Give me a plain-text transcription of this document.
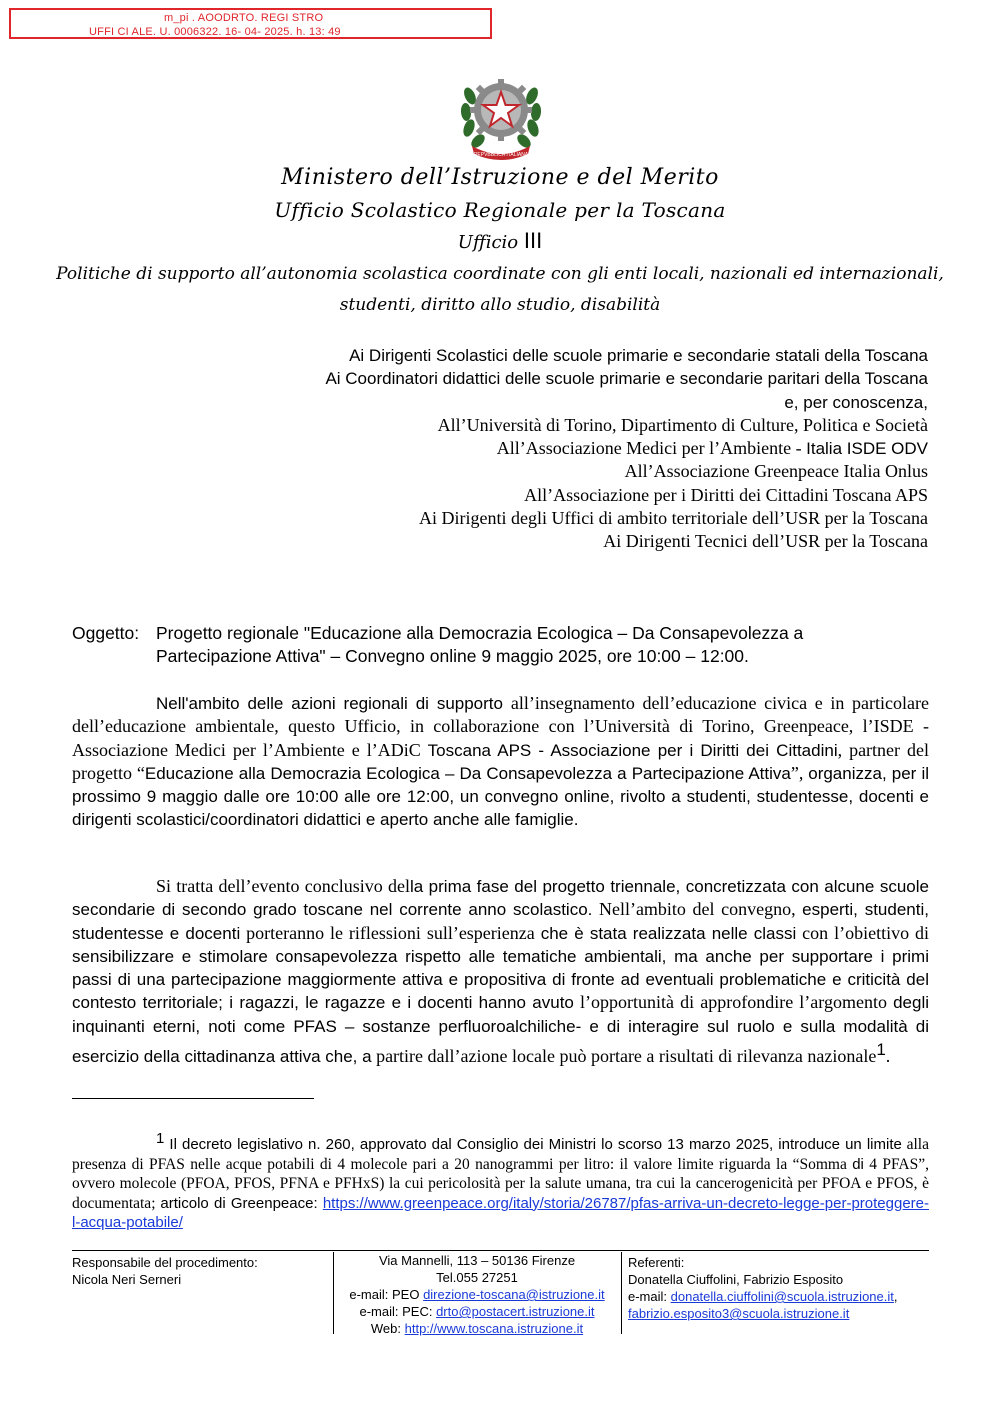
m_pi . AOODRTO. REGI STRO
UFFI CI ALE. U. 0006322. 16- 04- 2025. h. 13: 49
REPVBBLICA ITALIANA
Ministero dell’Istruzione e del Merito
Ufficio Scolastico Regionale per la Toscana
Ufficio III
Politiche di supporto all’autonomia scolastica coordinate con gli enti locali, nazionali ed internazionali,
studenti, diritto allo studio, disabilità
Ai Dirigenti Scolastici delle scuole primarie e secondarie statali della Toscana
Ai Coordinatori didattici delle scuole primarie e secondarie paritari della Toscana
e, per conoscenza,
All’Università di Torino, Dipartimento di Culture, Politica e Società
All’Associazione Medici per l’Ambiente - Italia ISDE ODV
All’Associazione Greenpeace Italia Onlus
All’Associazione per i Diritti dei Cittadini Toscana APS
Ai Dirigenti degli Uffici di ambito territoriale dell’USR per la Toscana
Ai Dirigenti Tecnici dell’USR per la Toscana
Oggetto: Progetto regionale "Educazione alla Democrazia Ecologica – Da Consapevolezza a
Partecipazione Attiva" – Convegno online 9 maggio 2025, ore 10:00 – 12:00.
Nell'ambito delle azioni regionali di supporto all’insegnamento dell’educazione civica e in particolare dell’educazione ambientale, questo Ufficio, in collaborazione con l’Università di Torino, Greenpeace, l’ISDE - Associazione Medici per l’Ambiente e l’ADiC Toscana APS - Associazione per i Diritti dei Cittadini, partner del progetto “Educazione alla Democrazia Ecologica – Da Consapevolezza a Partecipazione Attiva”, organizza, per il prossimo 9 maggio dalle ore 10:00 alle ore 12:00, un convegno online, rivolto a studenti, studentesse, docenti e dirigenti scolastici/coordinatori didattici e aperto anche alle famiglie.
Si tratta dell’evento conclusivo della prima fase del progetto triennale, concretizzata con alcune scuole secondarie di secondo grado toscane nel corrente anno scolastico. Nell’ambito del convegno, esperti, studenti, studentesse e docenti porteranno le riflessioni sull’esperienza che è stata realizzata nelle classi con l’obiettivo di sensibilizzare e stimolare consapevolezza rispetto alle tematiche ambientali, ma anche per supportare i primi passi di una partecipazione maggiormente attiva e propositiva di fronte ad eventuali problematiche e criticità del contesto territoriale; i ragazzi, le ragazze e i docenti hanno avuto l’opportunità di approfondire l’argomento degli inquinanti eterni, noti come PFAS – sostanze perfluoroalchiliche- e di interagire sul ruolo e sulla modalità di esercizio della cittadinanza attiva che, a partire dall’azione locale può portare a risultati di rilevanza nazionale$^1$.
$^1$ Il decreto legislativo n. 260, approvato dal Consiglio dei Ministri lo scorso 13 marzo 2025, introduce un limite alla presenza di PFAS nelle acque potabili di 4 molecole pari a 20 nanogrammi per litro: il valore limite riguarda la “Somma di 4 PFAS”, ovvero molecole (PFOA, PFOS, PFNA e PFHxS) la cui pericolosità per la salute umana, tra cui la cancerogenicità per PFOA e PFOS, è documentata; articolo di Greenpeace: https://www.greenpeace.org/italy/storia/26787/pfas-arriva-un-decreto-legge-per-proteggere-l-acqua-potabile/
Responsabile del procedimento:
Nicola Neri Serneri
Via Mannelli, 113 – 50136 Firenze
Tel.055 27251
e-mail: PEO direzione-toscana@istruzione.it
e-mail: PEC: drto@postacert.istruzione.it
Web: http://www.toscana.istruzione.it
Referenti:
Donatella Ciuffolini, Fabrizio Esposito
e-mail: donatella.ciuffolini@scuola.istruzione.it,
fabrizio.esposito3@scuola.istruzione.it
